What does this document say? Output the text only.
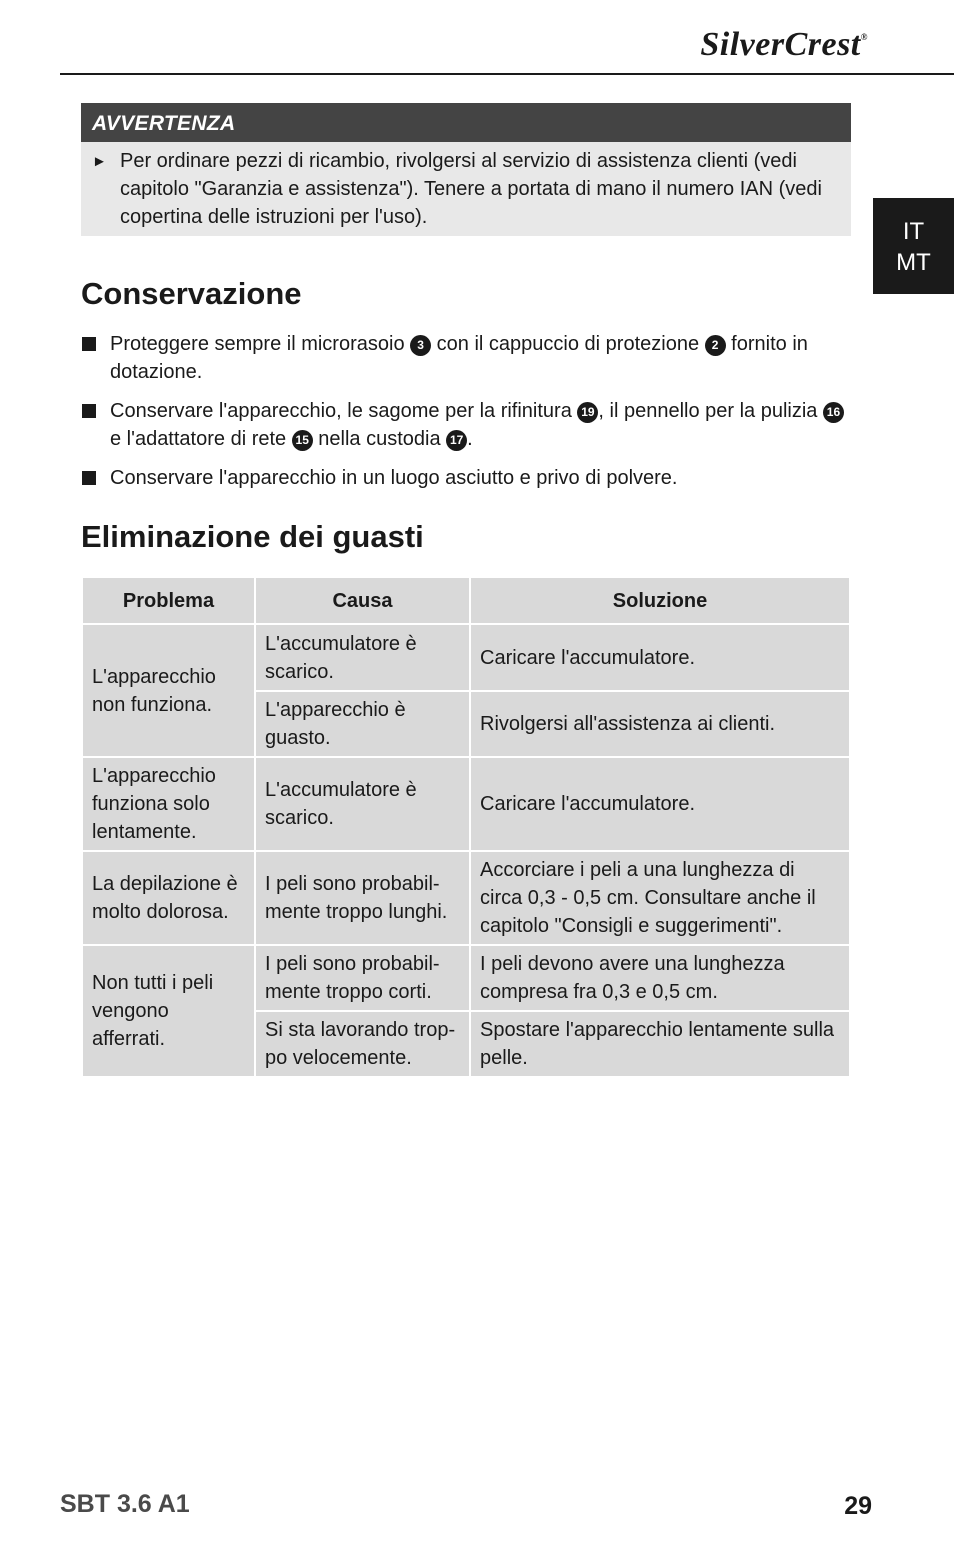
SilverCrest®
IT
MT
AVVERTENZA
► Per ordinare pezzi di ricambio, rivolgersi al servizio di assistenza clienti (vedi capitolo "Garanzia e assistenza"). Tenere a portata di mano il numero IAN (vedi copertina delle istruzioni per l'uso).
Conservazione
Proteggere sempre il microrasoio 3 con il cappuccio di protezione 2 fornito in dotazione.
Conservare l'apparecchio, le sagome per la rifinitura 19 , il pennello per la pulizia 16 e l'adattatore di rete 15 nella custodia 17 .
Conservare l'apparecchio in un luogo asciutto e privo di polvere.
Eliminazione dei guasti
Problema	Causa	Soluzione
L'apparecchio non funziona.	L'accumulatore è scarico.	Caricare l'accumulatore.
	L'apparecchio è guasto.	Rivolgersi all'assistenza ai clienti.
L'apparecchio funziona solo lentamente.	L'accumulatore è scarico.	Caricare l'accumulatore.
La depilazione è molto dolorosa.	I peli sono probabil-mente troppo lunghi.	Accorciare i peli a una lunghezza di circa 0,3 - 0,5 cm. Consultare anche il capitolo "Consigli e suggerimenti".
Non tutti i peli vengono afferrati.	I peli sono probabil-mente troppo corti.	I peli devono avere una lunghezza compresa fra 0,3 e 0,5 cm.
	Si sta lavorando trop-po velocemente.	Spostare l'apparecchio lentamente sulla pelle.
SBT 3.6 A1	29
